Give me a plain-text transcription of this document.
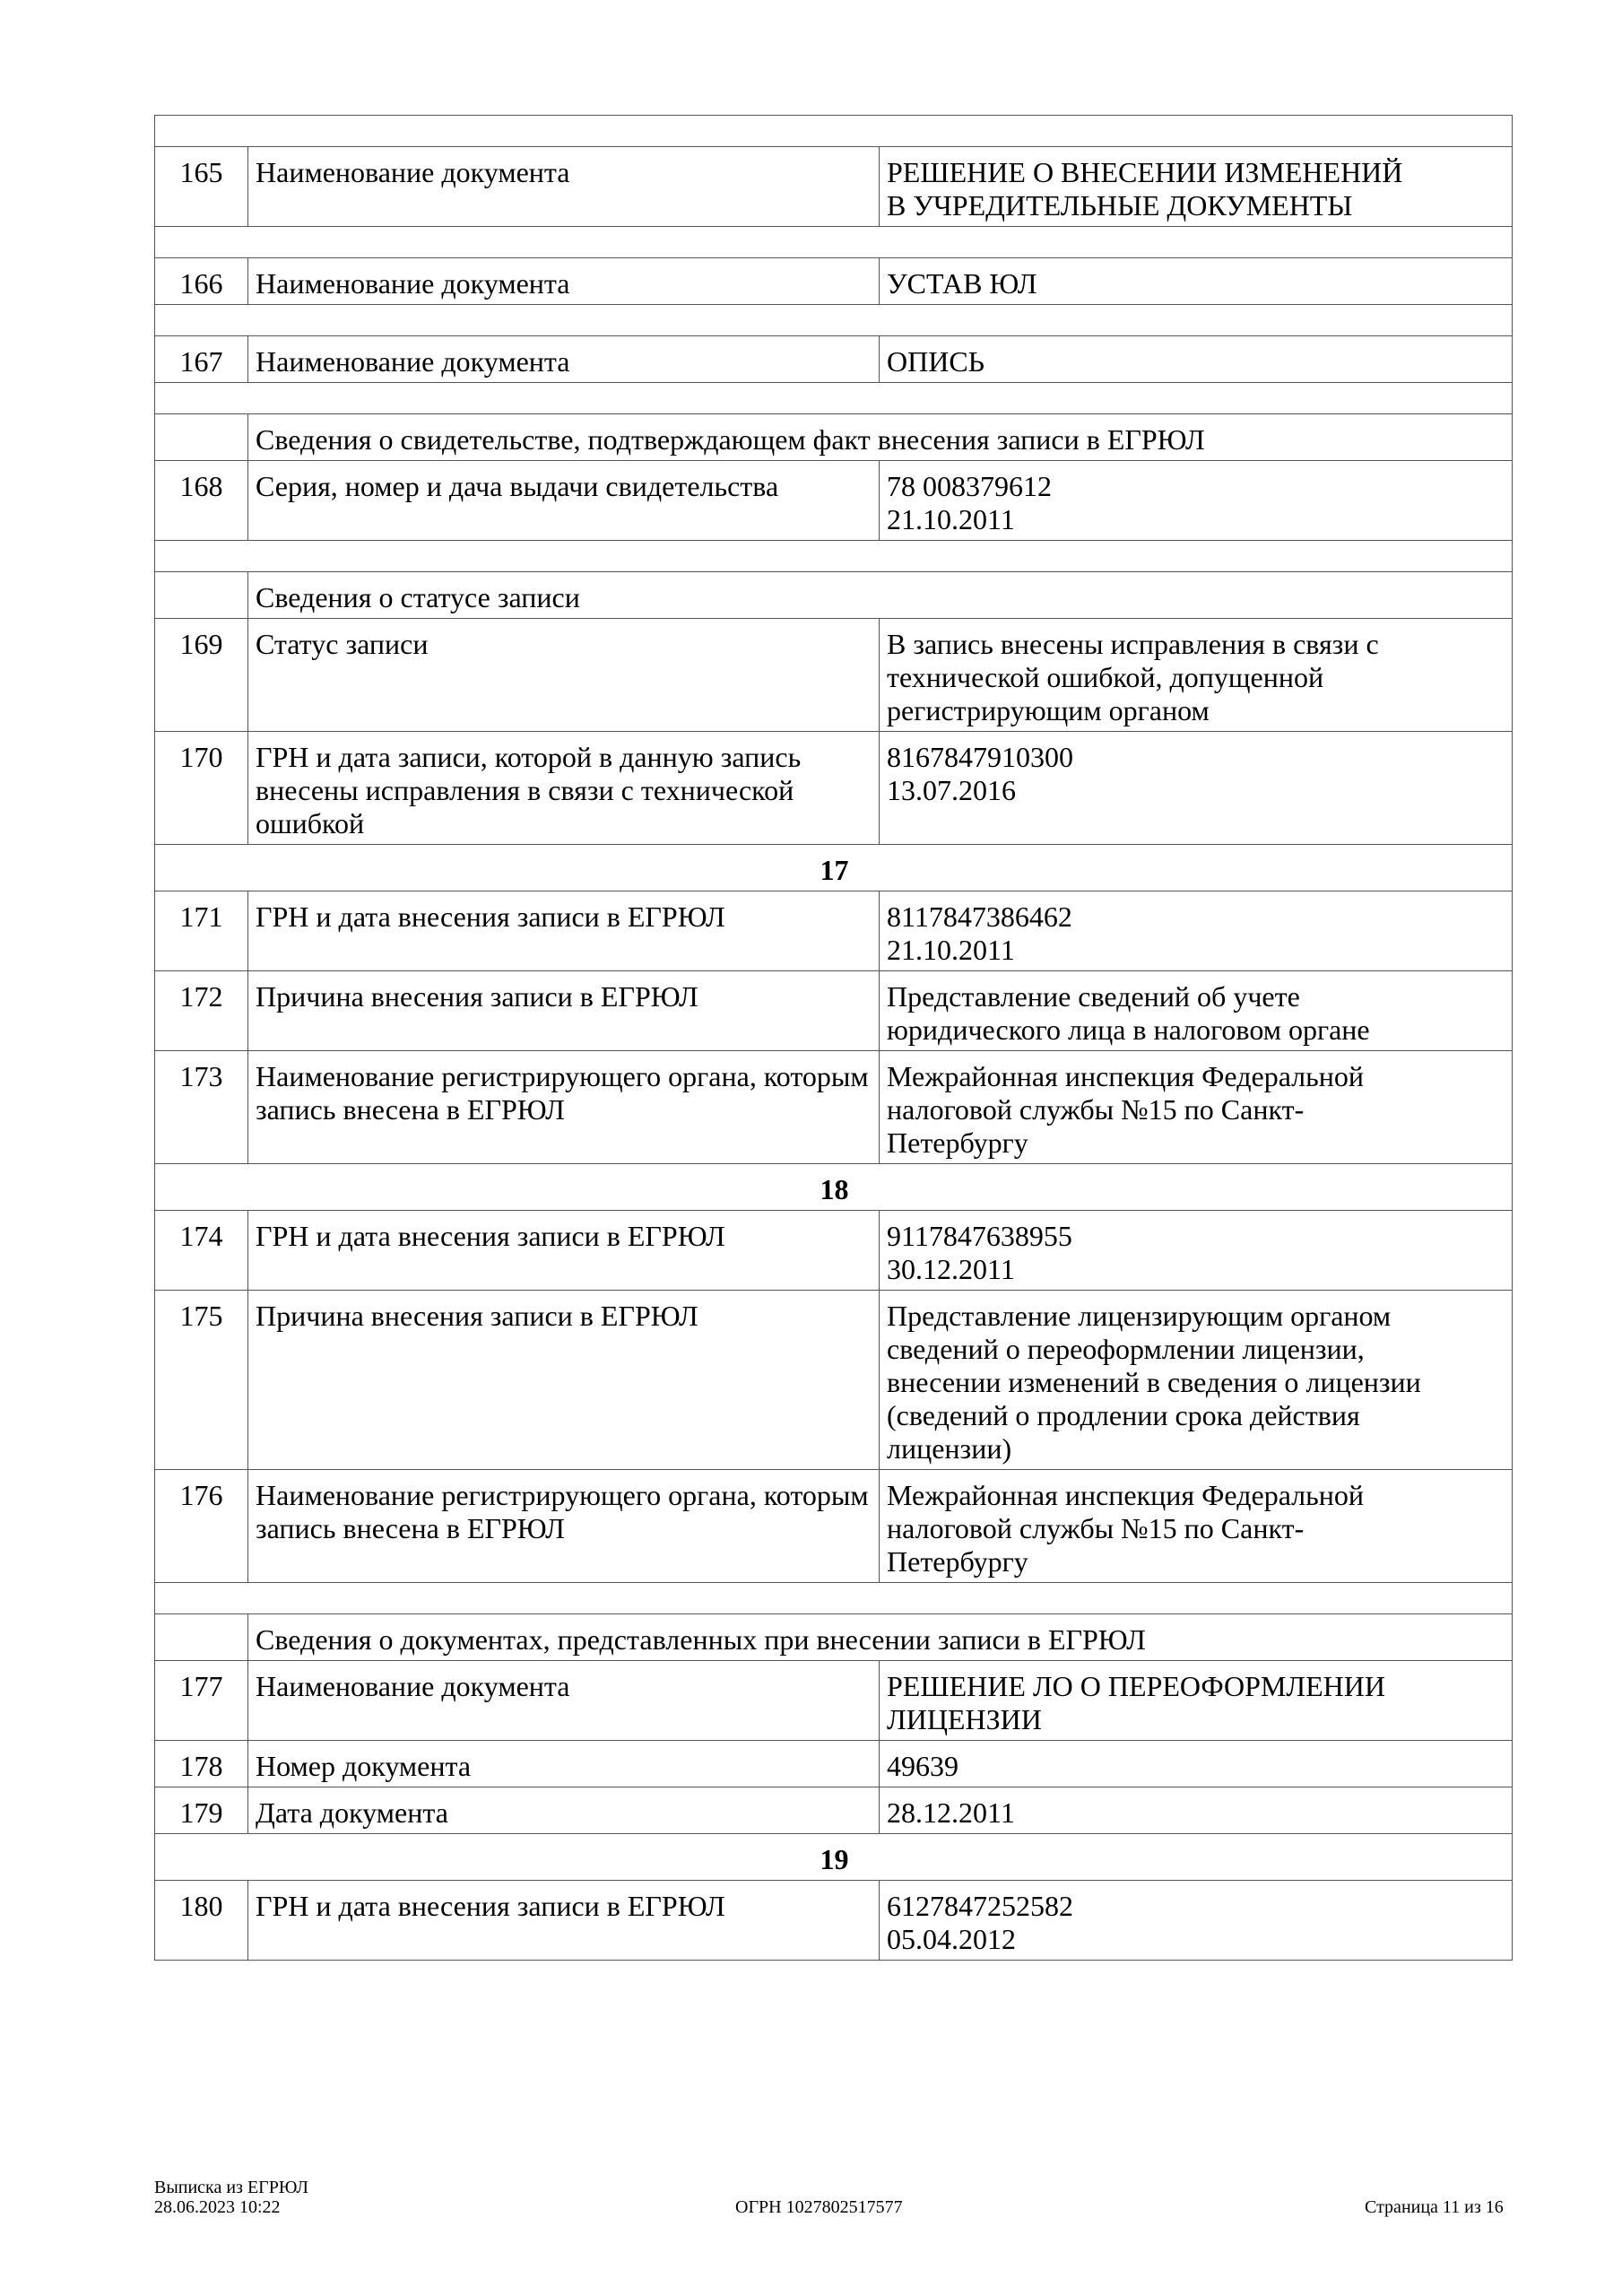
165	Наименование документа	РЕШЕНИЕ О ВНЕСЕНИИ ИЗМЕНЕНИЙ
В УЧРЕДИТЕЛЬНЫЕ ДОКУМЕНТЫ

166	Наименование документа	УСТАВ ЮЛ

167	Наименование документа	ОПИСЬ

	Сведения о свидетельстве, подтверждающем факт внесения записи в ЕГРЮЛ	
168	Серия, номер и дача выдачи свидетельства	78 008379612
21.10.2011

	Сведения о статусе записи	
169	Статус записи	В запись внесены исправления в связи с
технической ошибкой, допущенной
регистрирующим органом

170	ГРН и дата записи, которой в данную запись внесены исправления в связи с технической ошибкой	8167847910300
13.07.2016

17		
171	ГРН и дата внесения записи в ЕГРЮЛ	8117847386462
21.10.2011

172	Причина внесения записи в ЕГРЮЛ	Представление сведений об учете
юридического лица в налоговом органе

173	Наименование регистрирующего органа, которым запись внесена в ЕГРЮЛ	Межрайонная инспекция Федеральной
налоговой службы №15 по Санкт-
Петербургу

18		
174	ГРН и дата внесения записи в ЕГРЮЛ	9117847638955
30.12.2011

175	Причина внесения записи в ЕГРЮЛ	Представление лицензирующим органом
сведений о переоформлении лицензии,
внесении изменений в сведения о лицензии
(сведений о продлении срока действия
лицензии)

176	Наименование регистрирующего органа, которым запись внесена в ЕГРЮЛ	Межрайонная инспекция Федеральной
налоговой службы №15 по Санкт-
Петербургу

	Сведения о документах, представленных при внесении записи в ЕГРЮЛ	
177	Наименование документа	РЕШЕНИЕ ЛО О ПЕРЕОФОРМЛЕНИИ
ЛИЦЕНЗИИ

178	Номер документа	49639

179	Дата документа	28.12.2011

19		
180	ГРН и дата внесения записи в ЕГРЮЛ	6127847252582
05.04.2012
Выписка из ЕГРЮЛ
28.06.2023 10:22	ОГРН 1027802517577	Страница 11 из 16
